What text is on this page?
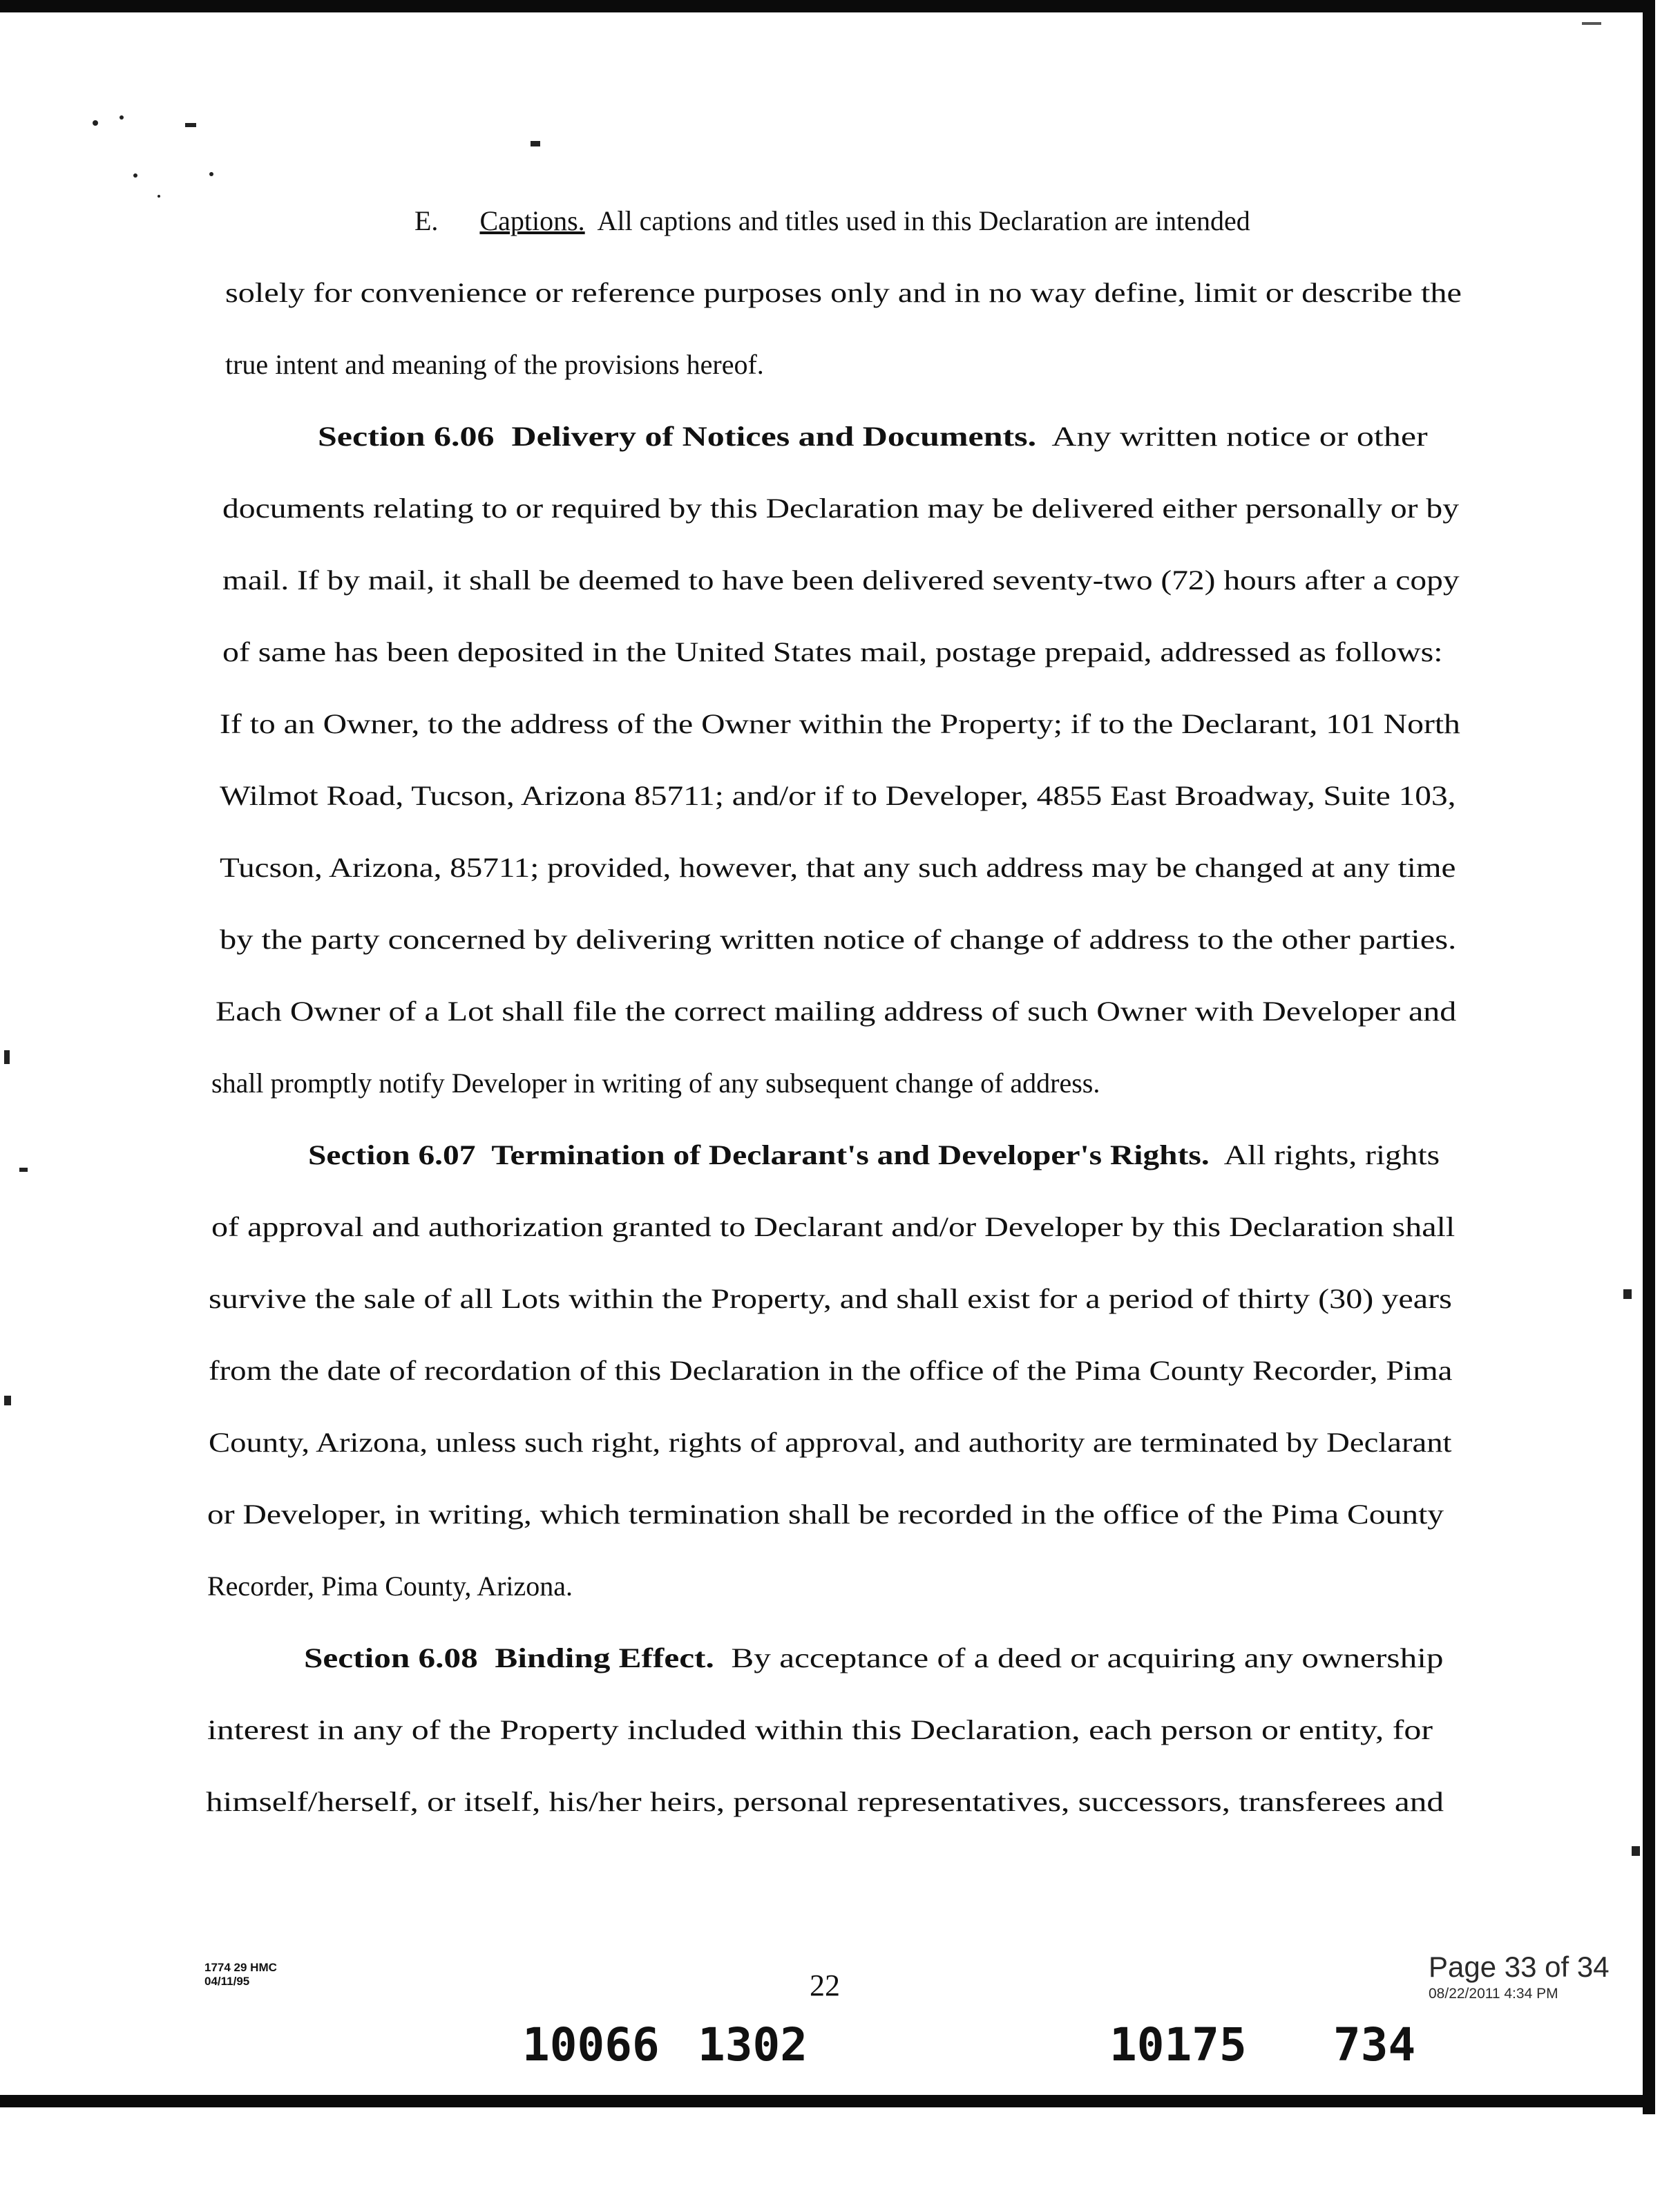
E. Captions.  All captions and titles used in this Declaration are intended
solely for convenience or reference purposes only and in no way define, limit or describe the
true intent and meaning of the provisions hereof.
Section 6.06  Delivery of Notices and Documents.  Any written notice or other
documents relating to or required by this Declaration may be delivered either personally or by
mail. If by mail, it shall be deemed to have been delivered seventy-two (72) hours after a copy
of same has been deposited in the United States mail, postage prepaid, addressed as follows:
If to an Owner, to the address of the Owner within the Property; if to the Declarant, 101 North
Wilmot Road, Tucson, Arizona 85711; and/or if to Developer, 4855 East Broadway, Suite 103,
Tucson, Arizona, 85711; provided, however, that any such address may be changed at any time
by the party concerned by delivering written notice of change of address to the other parties.
Each Owner of a Lot shall file the correct mailing address of such Owner with Developer and
shall promptly notify Developer in writing of any subsequent change of address.
Section 6.07  Termination of Declarant's and Developer's Rights.  All rights, rights
of approval and authorization granted to Declarant and/or Developer by this Declaration shall
survive the sale of all Lots within the Property, and shall exist for a period of thirty (30) years
from the date of recordation of this Declaration in the office of the Pima County Recorder, Pima
County, Arizona, unless such right, rights of approval, and authority are terminated by Declarant
or Developer, in writing, which termination shall be recorded in the office of the Pima County
Recorder, Pima County, Arizona.
Section 6.08  Binding Effect.  By acceptance of a deed or acquiring any ownership
interest in any of the Property included within this Declaration, each person or entity, for
himself/herself, or itself, his/her heirs, personal representatives, successors, transferees and
1774 29 HMC
04/11/95	22
Page 33 of 34
08/22/2011 4:34 PM
10066 1302	10175 734
